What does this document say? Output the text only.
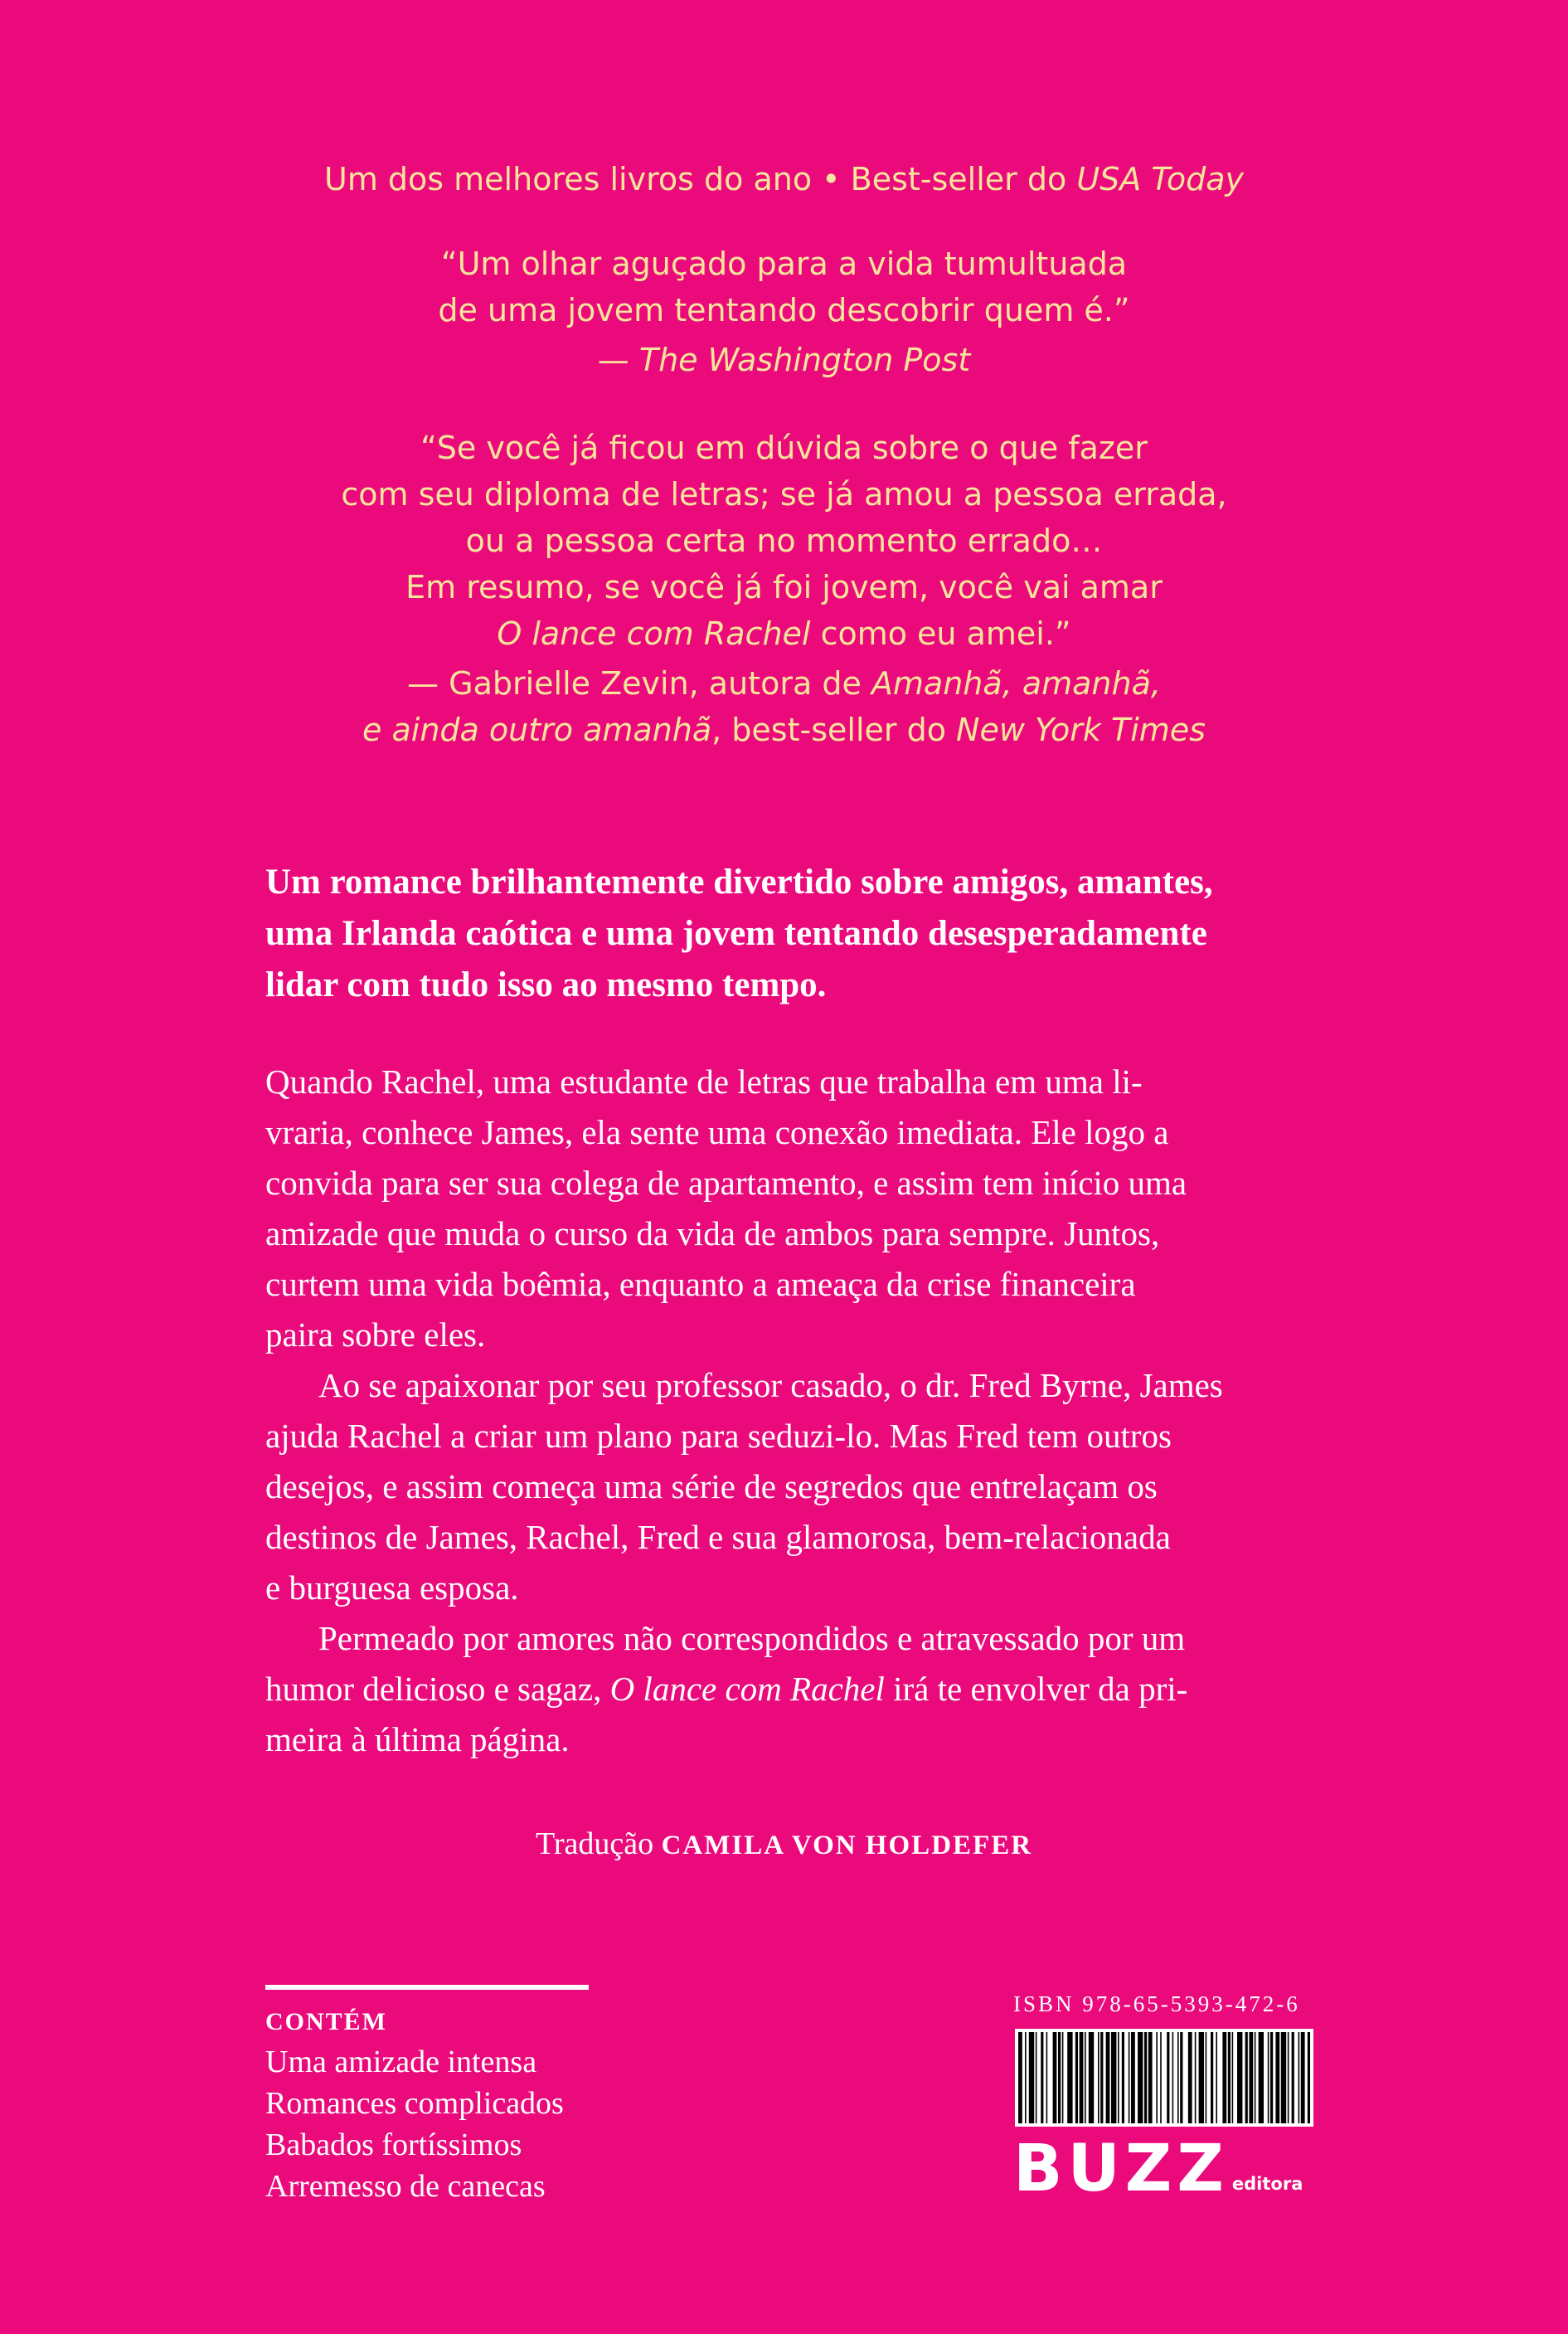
Um dos melhores livros do ano • Best-seller do USA Today
“Um olhar aguçado para a vida tumultuada
de uma jovem tentando descobrir quem é.”
— The Washington Post
“Se você já ficou em dúvida sobre o que fazer
com seu diploma de letras; se já amou a pessoa errada,
ou a pessoa certa no momento errado…
Em resumo, se você já foi jovem, você vai amar
O lance com Rachel como eu amei.”
— Gabrielle Zevin, autora de Amanhã, amanhã,
e ainda outro amanhã, best-seller do New York Times
Um romance brilhantemente divertido sobre amigos, amantes,
uma Irlanda caótica e uma jovem tentando desesperadamente
lidar com tudo isso ao mesmo tempo.
Quando Rachel, uma estudante de letras que trabalha em uma li-
vraria, conhece James, ela sente uma conexão imediata. Ele logo a
convida para ser sua colega de apartamento, e assim tem início uma
amizade que muda o curso da vida de ambos para sempre. Juntos,
curtem uma vida boêmia, enquanto a ameaça da crise financeira
paira sobre eles.
Ao se apaixonar por seu professor casado, o dr. Fred Byrne, James
ajuda Rachel a criar um plano para seduzi-lo. Mas Fred tem outros
desejos, e assim começa uma série de segredos que entrelaçam os
destinos de James, Rachel, Fred e sua glamorosa, bem-relacionada
e burguesa esposa.
Permeado por amores não correspondidos e atravessado por um
humor delicioso e sagaz, O lance com Rachel irá te envolver da pri-
meira à última página.
Tradução CAMILA VON HOLDEFER
CONTÉM
Uma amizade intensa
Romances complicados
Babados fortíssimos
Arremesso de canecas
ISBN 978-65-5393-472-6
BUZZ editora
